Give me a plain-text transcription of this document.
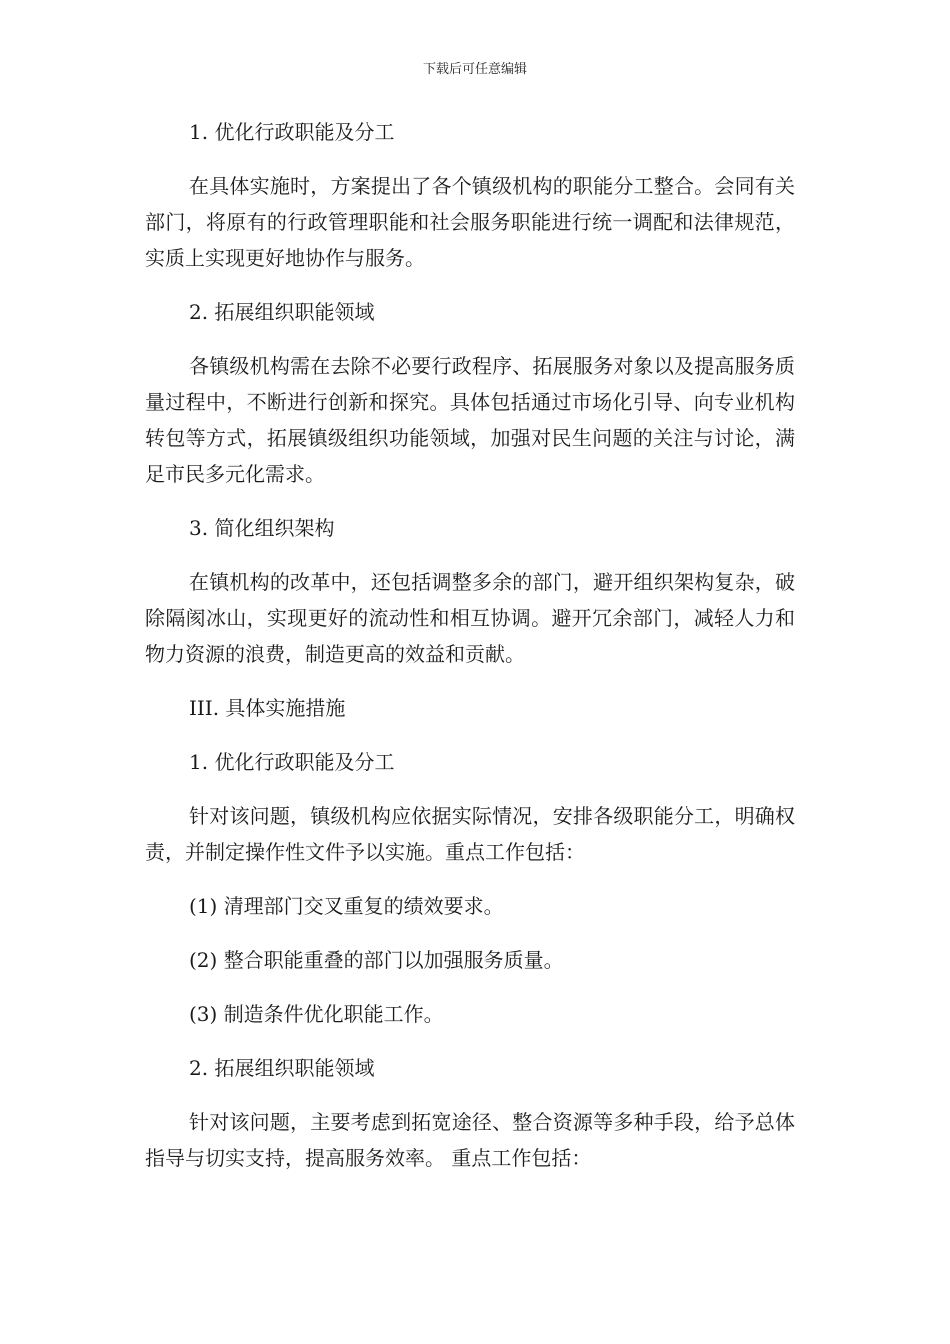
下载后可任意编辑
1. 优化行政职能及分工
在具体实施时，方案提出了各个镇级机构的职能分工整合。会同有关部门，将原有的行政管理职能和社会服务职能进行统一调配和法律规范，实质上实现更好地协作与服务。
2. 拓展组织职能领域
各镇级机构需在去除不必要行政程序、拓展服务对象以及提高服务质量过程中，不断进行创新和探究。具体包括通过市场化引导、向专业机构转包等方式，拓展镇级组织功能领域，加强对民生问题的关注与讨论，满足市民多元化需求。
3. 简化组织架构
在镇机构的改革中，还包括调整多余的部门，避开组织架构复杂，破除隔阂冰山，实现更好的流动性和相互协调。避开冗余部门，减轻人力和物力资源的浪费，制造更高的效益和贡献。
III. 具体实施措施
1. 优化行政职能及分工
针对该问题，镇级机构应依据实际情况，安排各级职能分工，明确权责，并制定操作性文件予以实施。重点工作包括：
(1) 清理部门交叉重复的绩效要求。
(2) 整合职能重叠的部门以加强服务质量。
(3) 制造条件优化职能工作。
2. 拓展组织职能领域
针对该问题，主要考虑到拓宽途径、整合资源等多种手段，给予总体指导与切实支持，提高服务效率。 重点工作包括：
